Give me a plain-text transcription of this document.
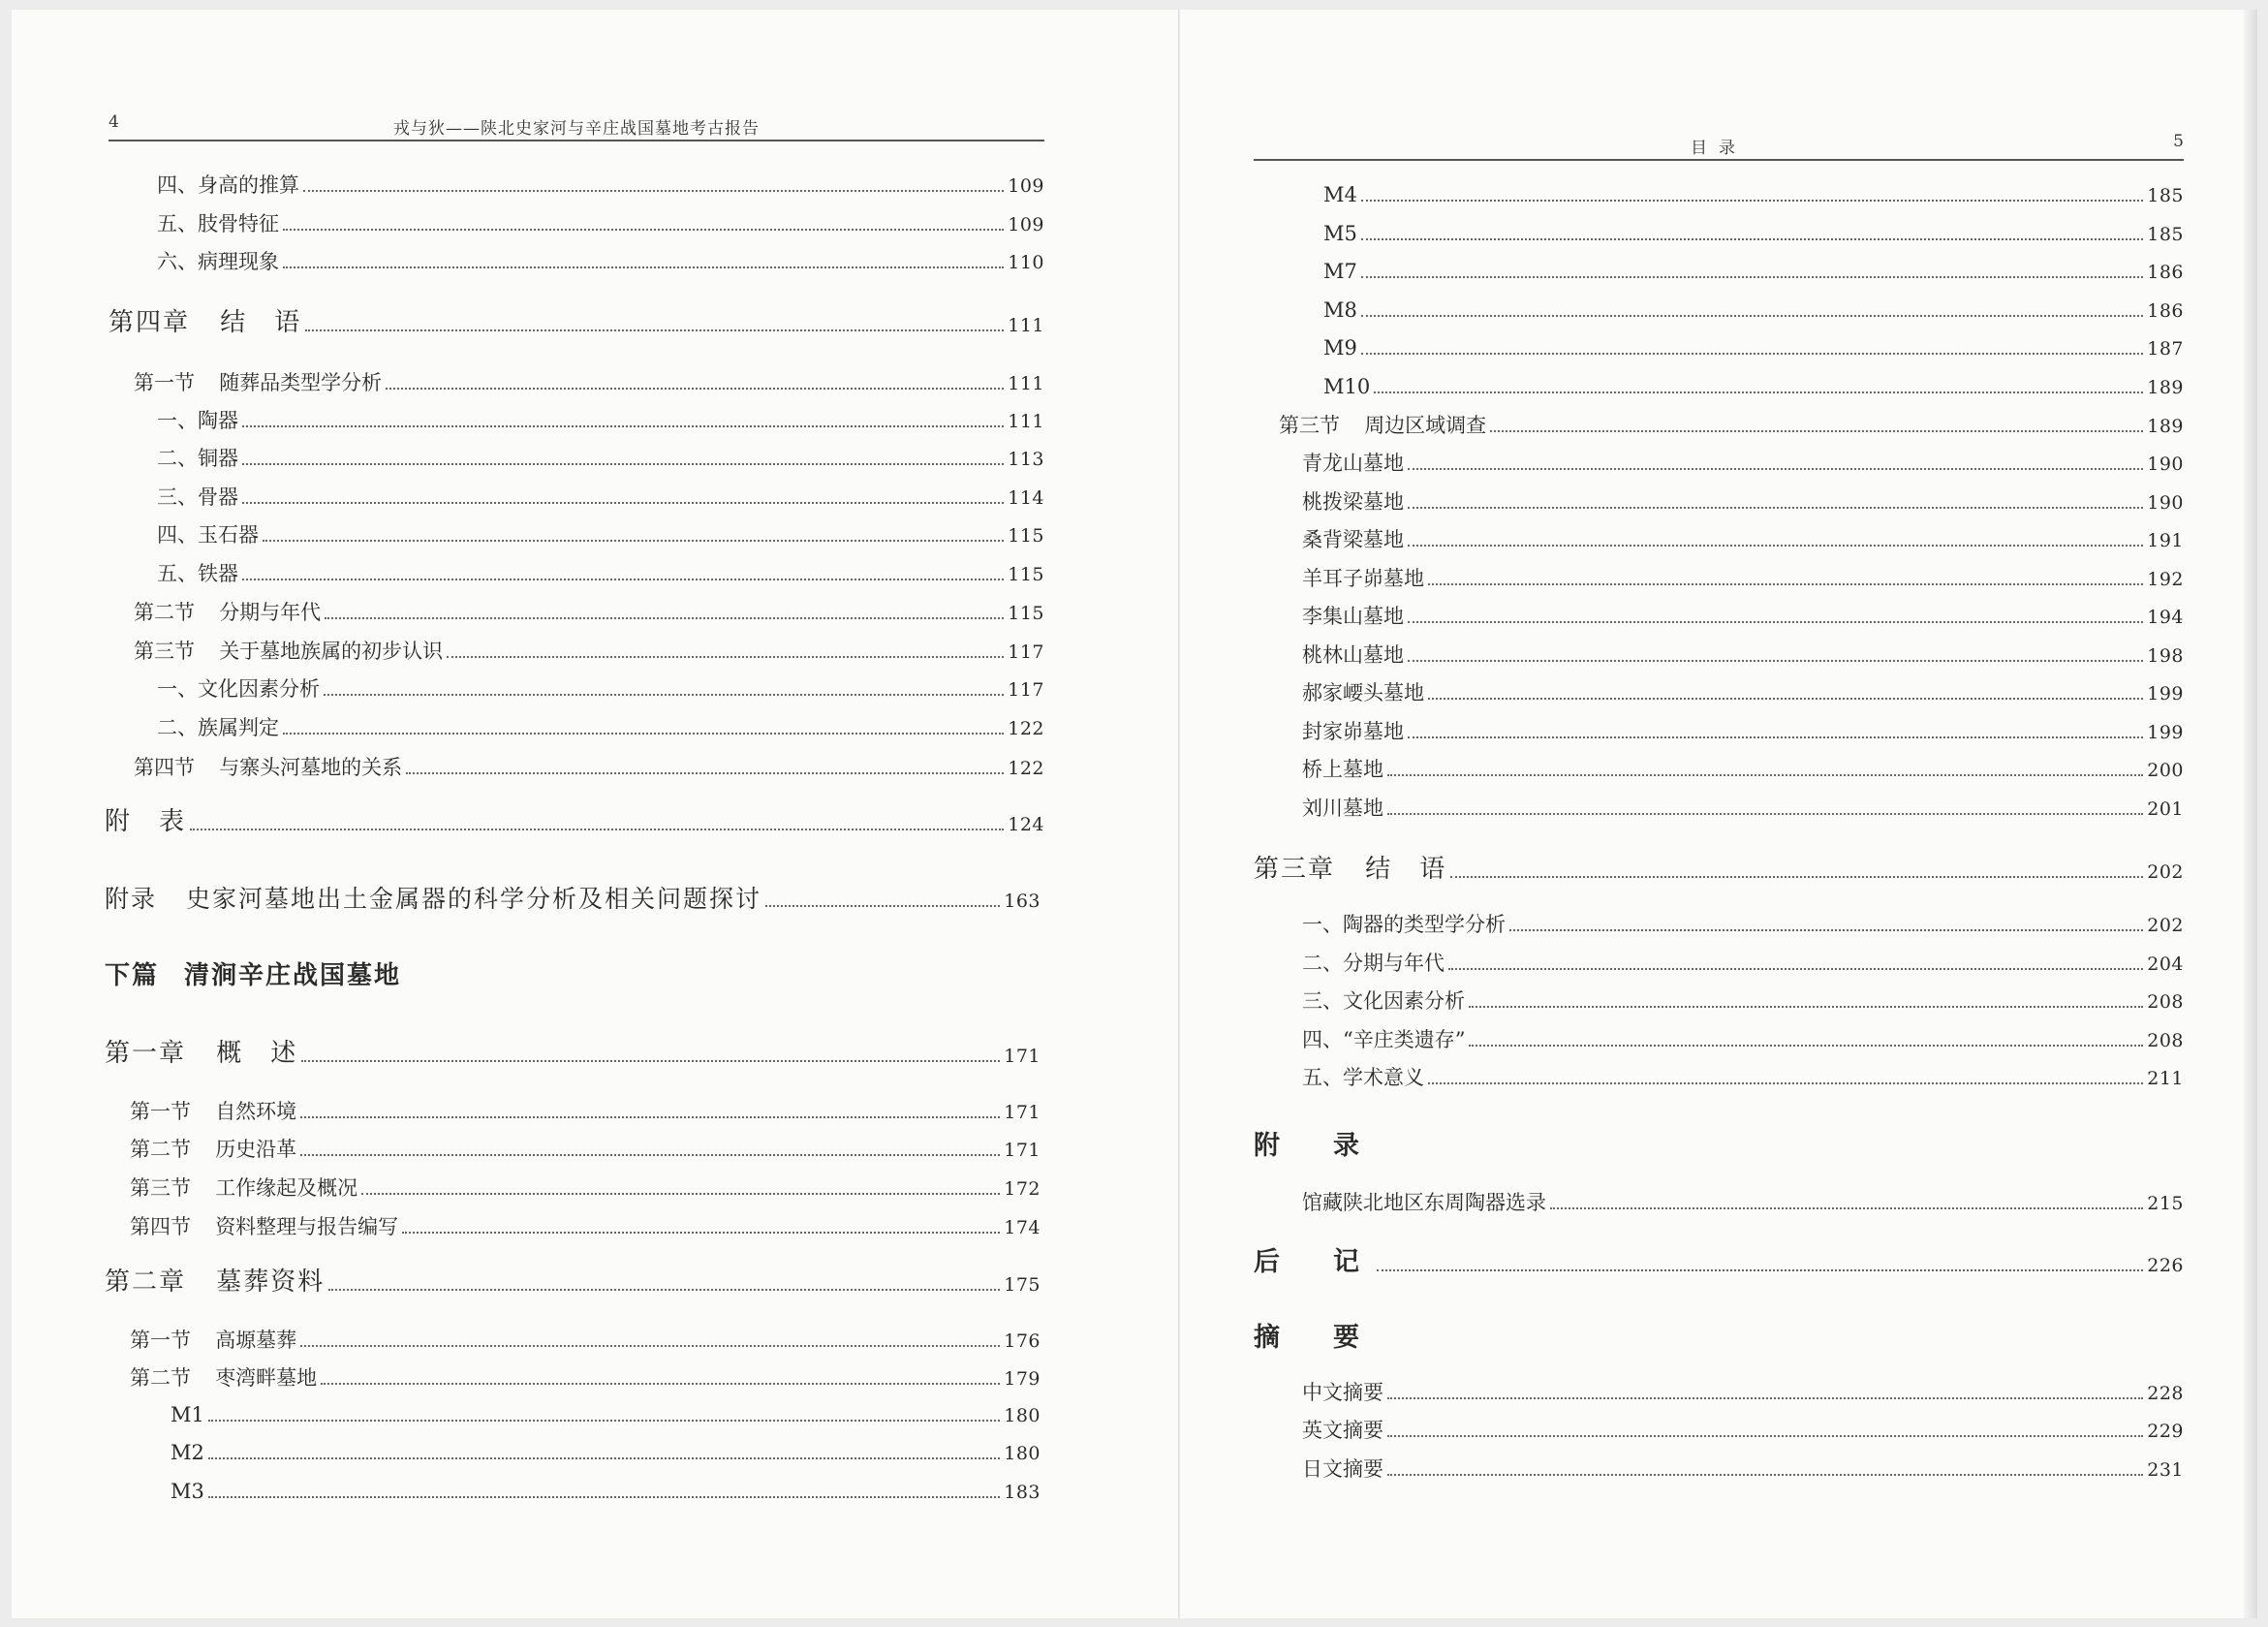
4	戎与狄——陕北史家河与辛庄战国墓地考古报告
四、身高的推算	109
五、肢骨特征	109
六、病理现象	110
第四章 结　语	111
第一节 随葬品类型学分析	111
一、陶器	111
二、铜器	113
三、骨器	114
四、玉石器	115
五、铁器	115
第二节 分期与年代	115
第三节 关于墓地族属的初步认识	117
一、文化因素分析	117
二、族属判定	122
第四节 与寨头河墓地的关系	122
附　表	124
附录 史家河墓地出土金属器的科学分析及相关问题探讨	163
下篇 清涧辛庄战国墓地
第一章 概　述	171
第一节 自然环境	171
第二节 历史沿革	171
第三节 工作缘起及概况	172
第四节 资料整理与报告编写	174
第二章 墓葬资料	175
第一节 高塬墓葬	176
第二节 枣湾畔墓地	179
M1	180
M2	180
M3	183
目录	5
M4	185
M5	185
M7	186
M8	186
M9	187
M10	189
第三节 周边区域调查	189
青龙山墓地	190
桃拨梁墓地	190
桑背梁墓地	191
羊耳子峁墓地	192
李集山墓地	194
桃林山墓地	198
郝家崾头墓地	199
封家峁墓地	199
桥上墓地	200
刘川墓地	201
第三章 结　语	202
一、陶器的类型学分析	202
二、分期与年代	204
三、文化因素分析	208
四、“辛庄类遗存”	208
五、学术意义	211
附　录
馆藏陕北地区东周陶器选录	215
后　记	226
摘　要
中文摘要	228
英文摘要	229
日文摘要	231
